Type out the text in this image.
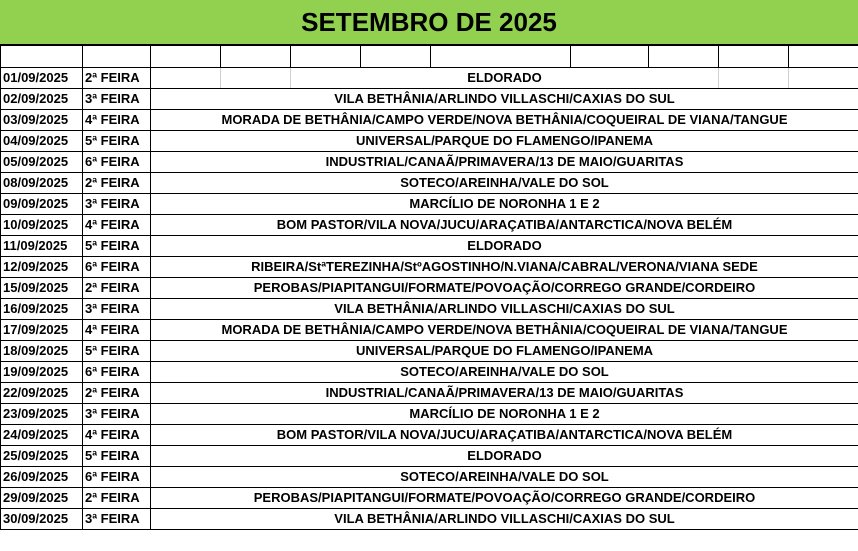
SETEMBRO DE 2025

01/09/2025	2ª FEIRA			ELDORADO						
02/09/2025	3ª FEIRA	VILA BETHÂNIA/ARLINDO VILLASCHI/CAXIAS DO SUL								
03/09/2025	4ª FEIRA	MORADA DE BETHÂNIA/CAMPO VERDE/NOVA BETHÂNIA/COQUEIRAL DE VIANA/TANGUE								
04/09/2025	5ª FEIRA	UNIVERSAL/PARQUE DO FLAMENGO/IPANEMA								
05/09/2025	6ª FEIRA	INDUSTRIAL/CANAÃ/PRIMAVERA/13 DE MAIO/GUARITAS								
08/09/2025	2ª FEIRA	SOTECO/AREINHA/VALE DO SOL								
09/09/2025	3ª FEIRA	MARCÍLIO DE NORONHA 1 E 2								
10/09/2025	4ª FEIRA	BOM PASTOR/VILA NOVA/JUCU/ARAÇATIBA/ANTARCTICA/NOVA BELÉM								
11/09/2025	5ª FEIRA	ELDORADO								
12/09/2025	6ª FEIRA	RIBEIRA/StªTEREZINHA/StºAGOSTINHO/N.VIANA/CABRAL/VERONA/VIANA SEDE								
15/09/2025	2ª FEIRA	PEROBAS/PIAPITANGUI/FORMATE/POVOAÇÃO/CORREGO GRANDE/CORDEIRO								
16/09/2025	3ª FEIRA	VILA BETHÂNIA/ARLINDO VILLASCHI/CAXIAS DO SUL								
17/09/2025	4ª FEIRA	MORADA DE BETHÂNIA/CAMPO VERDE/NOVA BETHÂNIA/COQUEIRAL DE VIANA/TANGUE								
18/09/2025	5ª FEIRA	UNIVERSAL/PARQUE DO FLAMENGO/IPANEMA								
19/09/2025	6ª FEIRA	SOTECO/AREINHA/VALE DO SOL								
22/09/2025	2ª FEIRA	INDUSTRIAL/CANAÃ/PRIMAVERA/13 DE MAIO/GUARITAS								
23/09/2025	3ª FEIRA	MARCÍLIO DE NORONHA 1 E 2								
24/09/2025	4ª FEIRA	BOM PASTOR/VILA NOVA/JUCU/ARAÇATIBA/ANTARCTICA/NOVA BELÉM								
25/09/2025	5ª FEIRA	ELDORADO								
26/09/2025	6ª FEIRA	SOTECO/AREINHA/VALE DO SOL								
29/09/2025	2ª FEIRA	PEROBAS/PIAPITANGUI/FORMATE/POVOAÇÃO/CORREGO GRANDE/CORDEIRO								
30/09/2025	3ª FEIRA	VILA BETHÂNIA/ARLINDO VILLASCHI/CAXIAS DO SUL								
